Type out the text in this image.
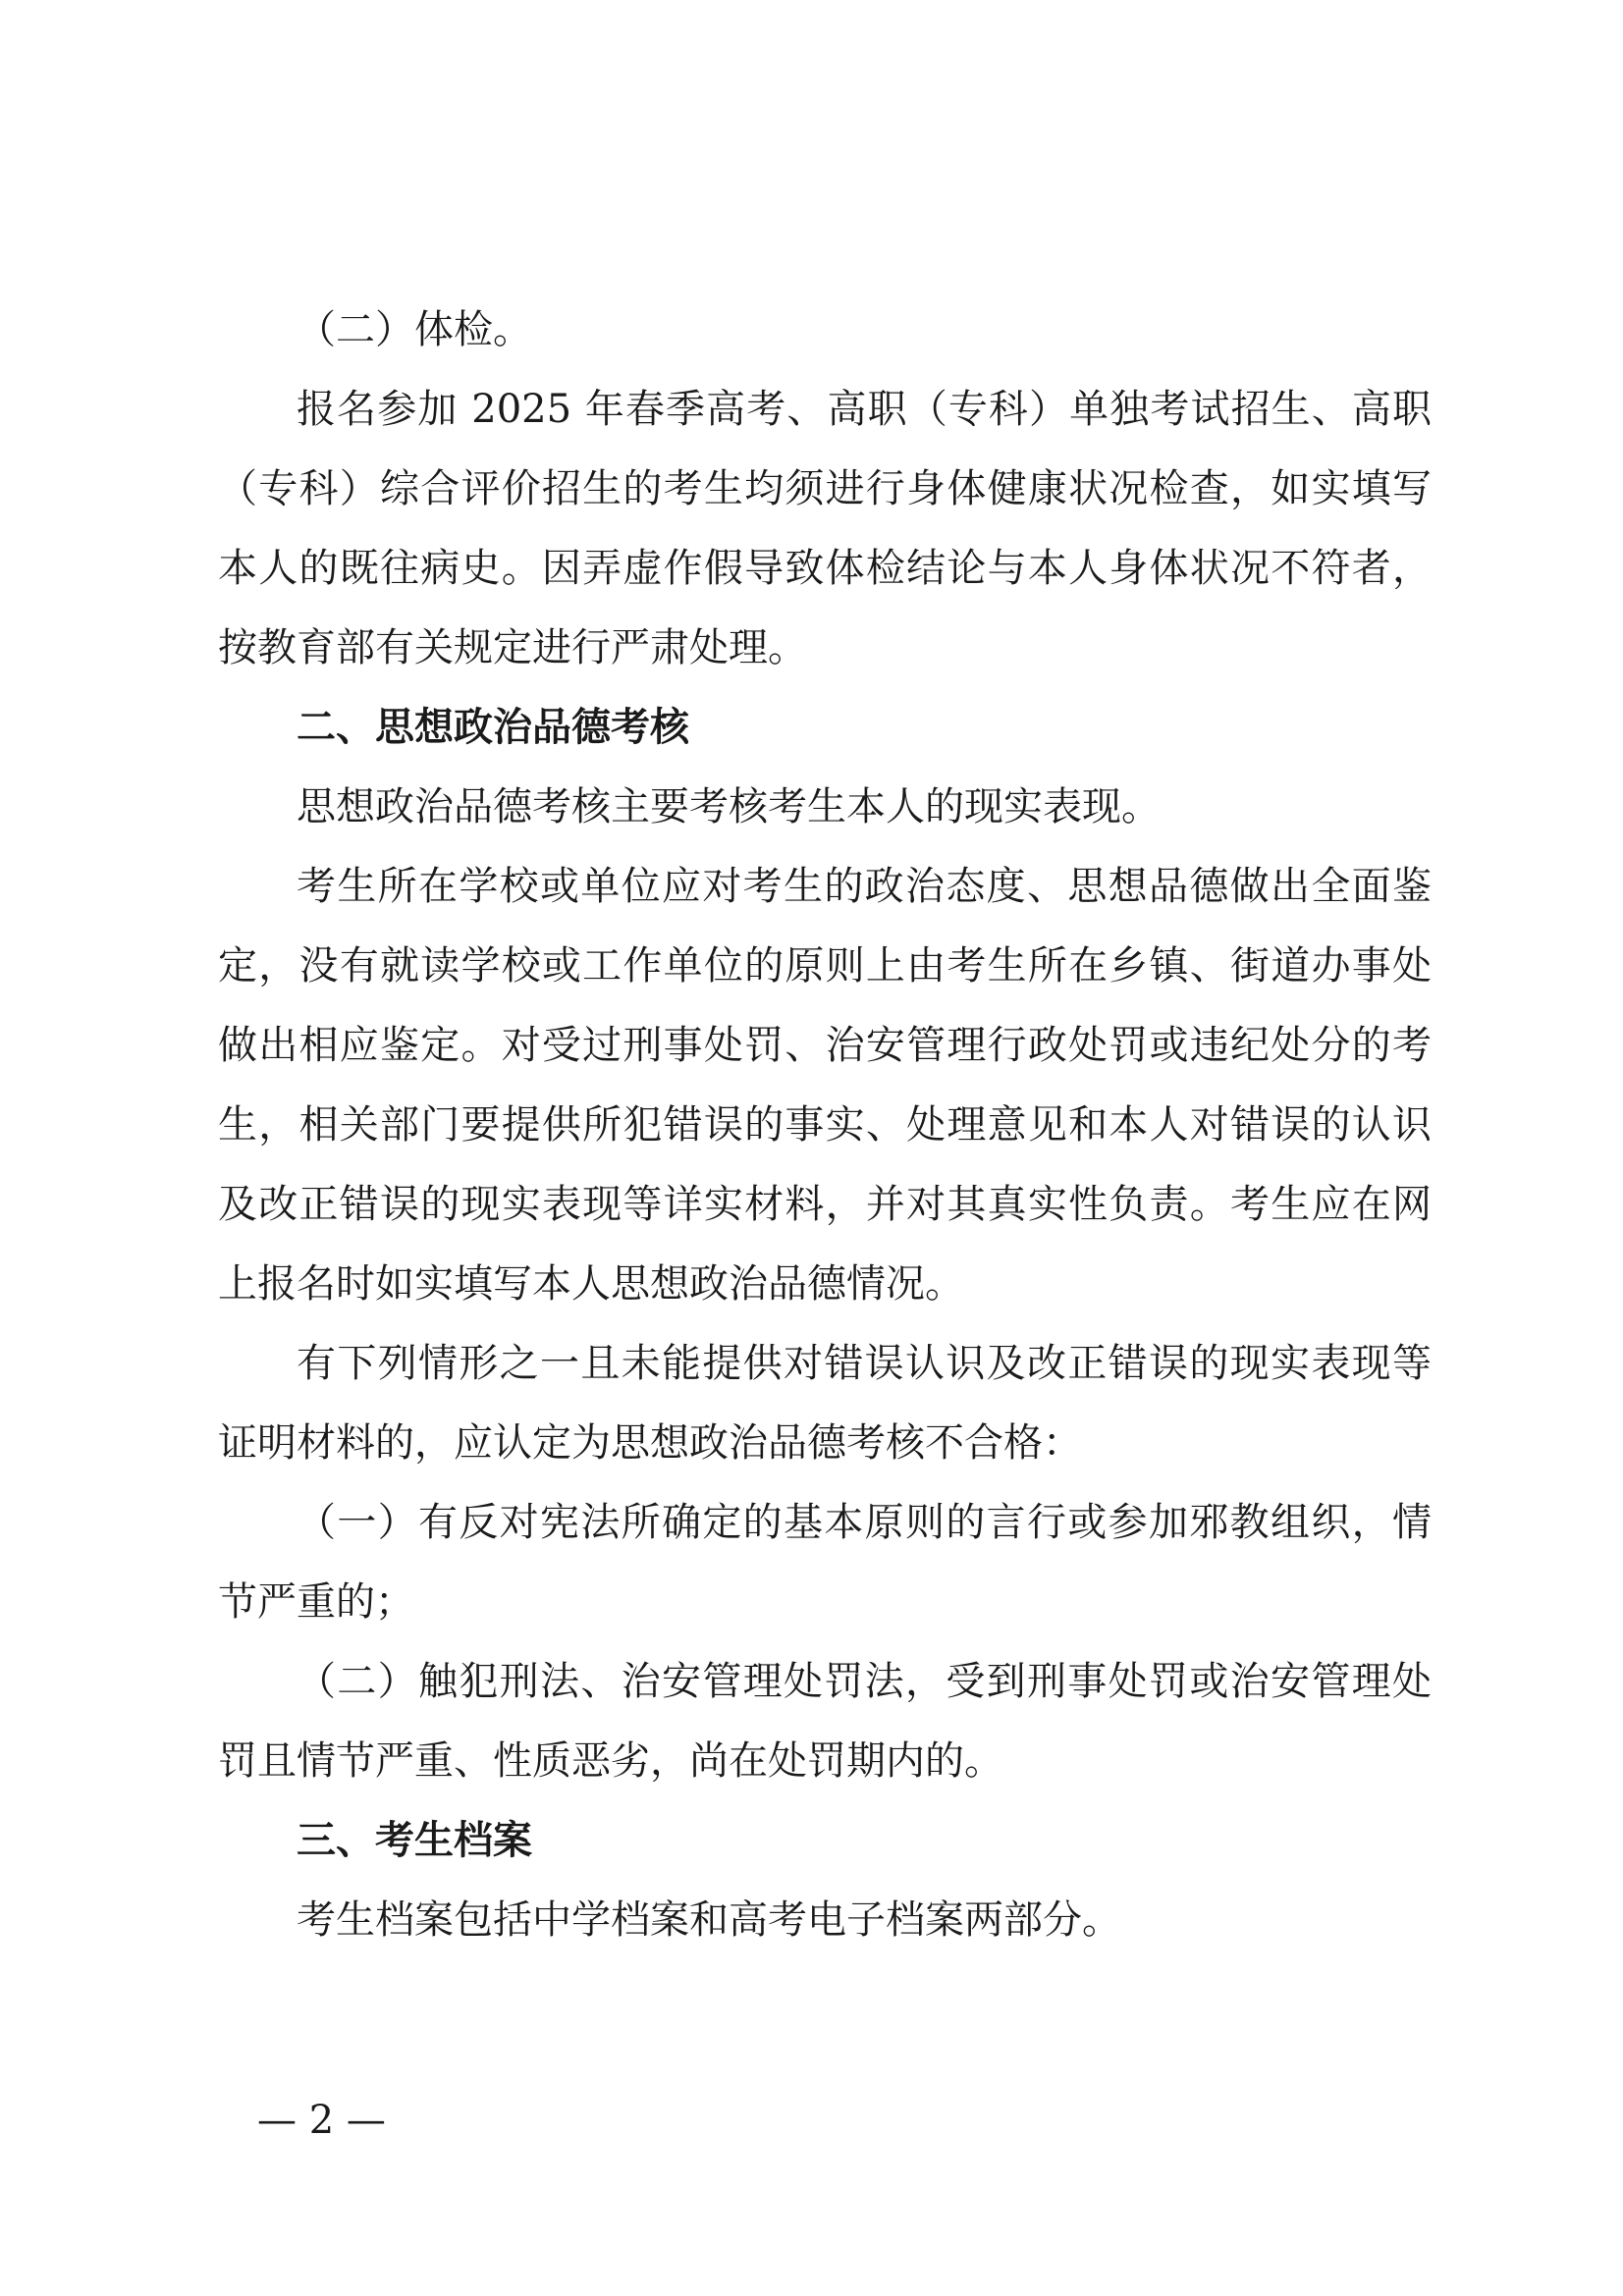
（二）体检。

报名参加 2025 年春季高考、高职（专科）单独考试招生、高职（专科）综合评价招生的考生均须进行身体健康状况检查，如实填写本人的既往病史。因弄虚作假导致体检结论与本人身体状况不符者，按教育部有关规定进行严肃处理。

二、思想政治品德考核

思想政治品德考核主要考核考生本人的现实表现。

考生所在学校或单位应对考生的政治态度、思想品德做出全面鉴定，没有就读学校或工作单位的原则上由考生所在乡镇、街道办事处做出相应鉴定。对受过刑事处罚、治安管理行政处罚或违纪处分的考生，相关部门要提供所犯错误的事实、处理意见和本人对错误的认识及改正错误的现实表现等详实材料，并对其真实性负责。考生应在网上报名时如实填写本人思想政治品德情况。

有下列情形之一且未能提供对错误认识及改正错误的现实表现等证明材料的，应认定为思想政治品德考核不合格：

（一）有反对宪法所确定的基本原则的言行或参加邪教组织，情节严重的；

（二）触犯刑法、治安管理处罚法，受到刑事处罚或治安管理处罚且情节严重、性质恶劣，尚在处罚期内的。

三、考生档案

考生档案包括中学档案和高考电子档案两部分。

— 2 —
